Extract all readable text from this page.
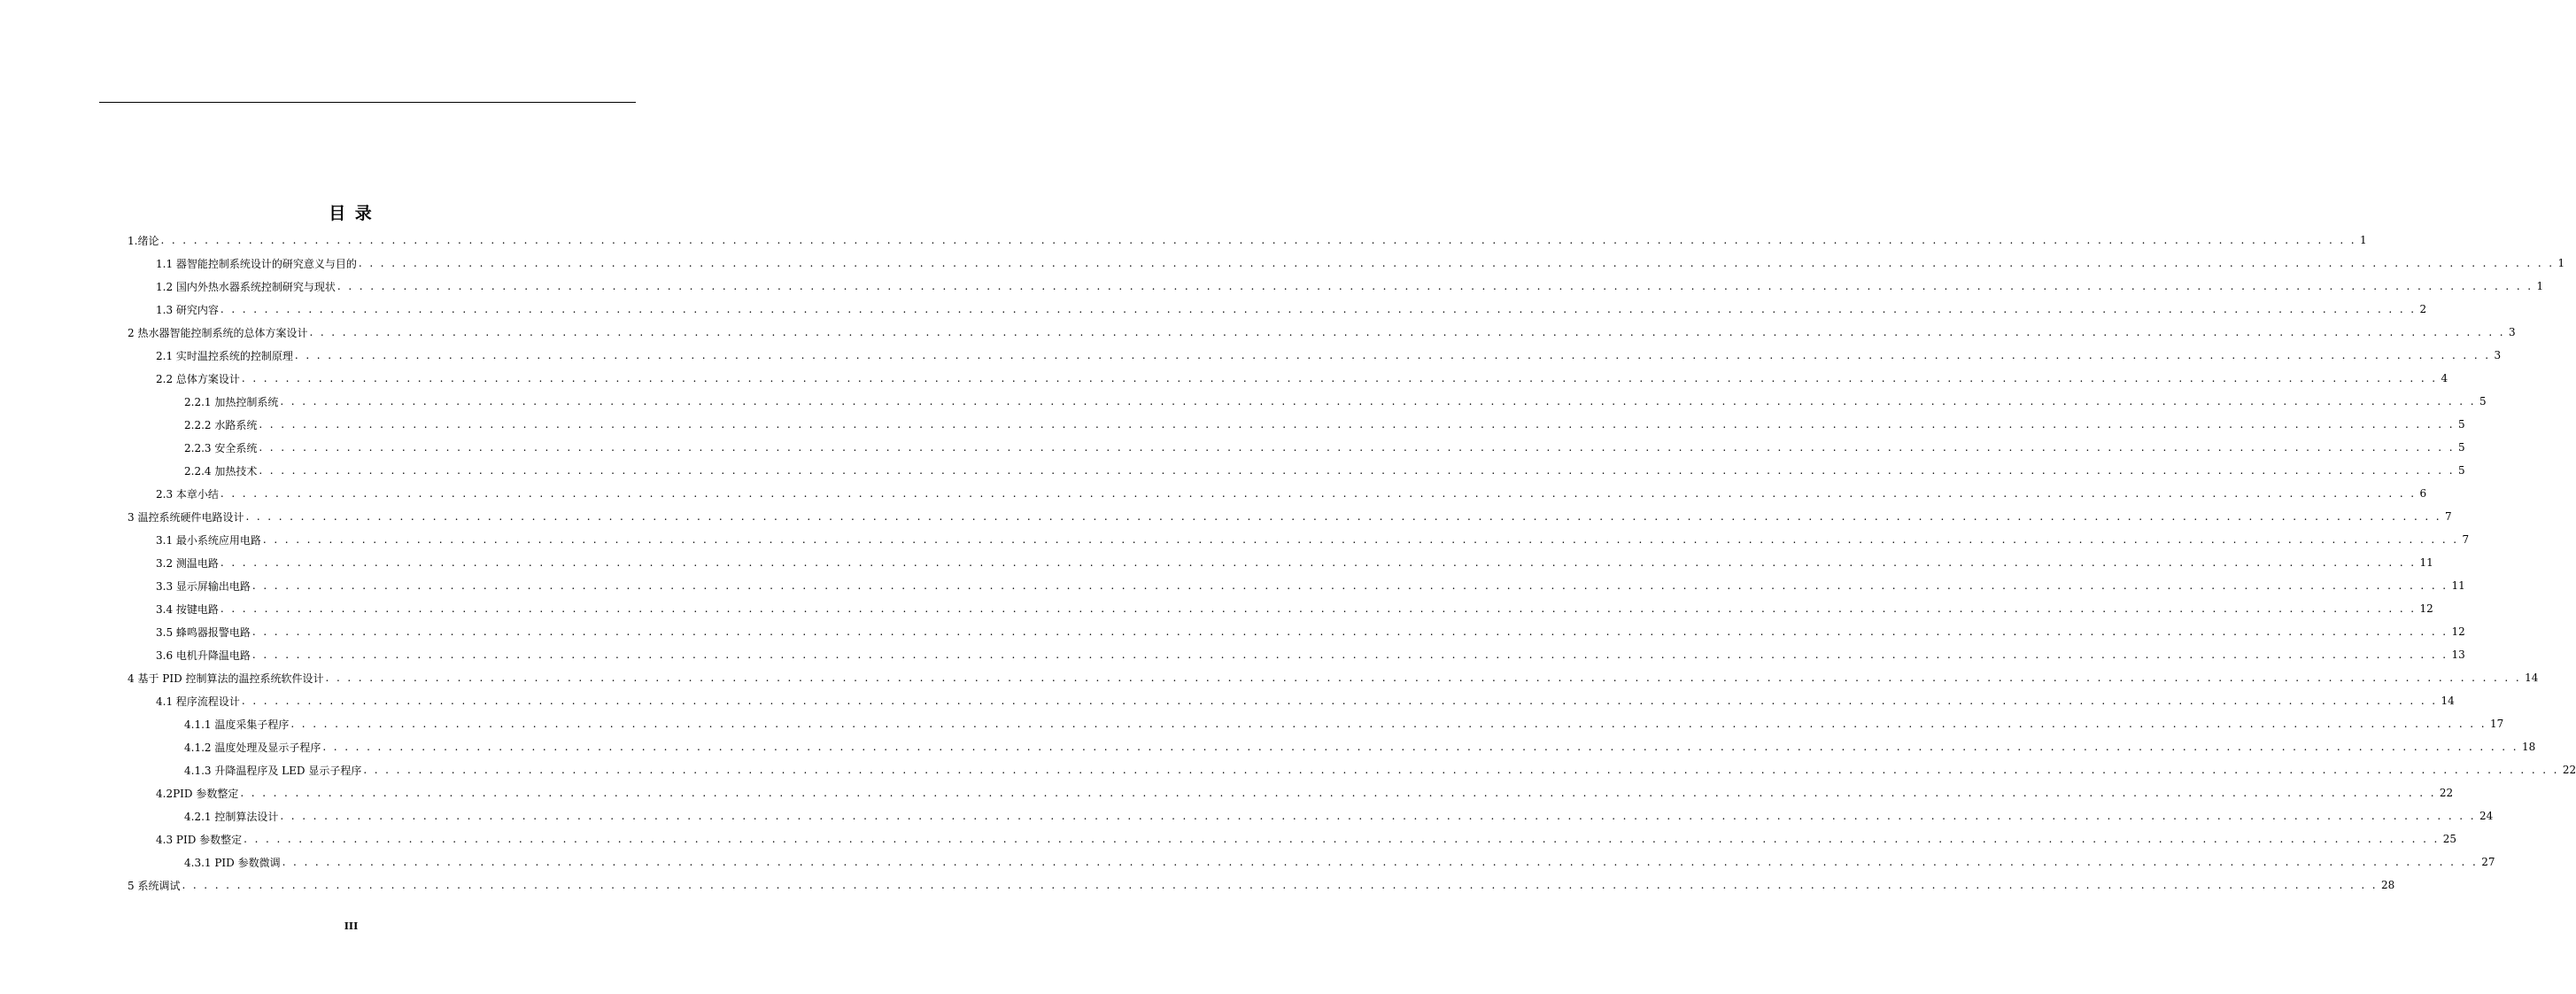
目 录
1.绪论 . . . . . . . . . . . . . . . . . . . . . . . . . . . . . . . . . . . . . . . . . . . . . . . . . . . . . . . . . . . . . . . . . . . . . . . . . . . . . . . . . . . . . . . . . . . . . . . . . . . . . . . . . . . . . . . . . . . . . . . . . . . . . . . . . . . . . . . . . . . . . . . . . . . . . . . . . . . . . . . . . . . . . . . . . . . . . . . . . . . . . . . . . . . . . . . . . . . . . . . . 1
1.1 器智能控制系统设计的研究意义与目的 . . . . . . . . . . . . . . . . . . . . . . . . . . . . . . . . . . . . . . . . . . . . . . . . . . . . . . . . . . . . . . . . . . . . . . . . . . . . . . . . . . . . . . . . . . . . . . . . . . . . . . . . . . . . . . . . . . . . . . . . . . . . . . . . . . . . . . . . . . . . . . . . . . . . . . . . . . . . . . . . . . . . . . . . . . . . . . . . . . . . . . . . . . . . . . . . . . . . . . . . 1
1.2 国内外热水器系统控制研究与现状 . . . . . . . . . . . . . . . . . . . . . . . . . . . . . . . . . . . . . . . . . . . . . . . . . . . . . . . . . . . . . . . . . . . . . . . . . . . . . . . . . . . . . . . . . . . . . . . . . . . . . . . . . . . . . . . . . . . . . . . . . . . . . . . . . . . . . . . . . . . . . . . . . . . . . . . . . . . . . . . . . . . . . . . . . . . . . . . . . . . . . . . . . . . . . . . . . . . . . . . . 1
1.3 研究内容 . . . . . . . . . . . . . . . . . . . . . . . . . . . . . . . . . . . . . . . . . . . . . . . . . . . . . . . . . . . . . . . . . . . . . . . . . . . . . . . . . . . . . . . . . . . . . . . . . . . . . . . . . . . . . . . . . . . . . . . . . . . . . . . . . . . . . . . . . . . . . . . . . . . . . . . . . . . . . . . . . . . . . . . . . . . . . . . . . . . . . . . . . . . . . . . . . . . . . . . . 2
2 热水器智能控制系统的总体方案设计 . . . . . . . . . . . . . . . . . . . . . . . . . . . . . . . . . . . . . . . . . . . . . . . . . . . . . . . . . . . . . . . . . . . . . . . . . . . . . . . . . . . . . . . . . . . . . . . . . . . . . . . . . . . . . . . . . . . . . . . . . . . . . . . . . . . . . . . . . . . . . . . . . . . . . . . . . . . . . . . . . . . . . . . . . . . . . . . . . . . . . . . . . . . . . . . . . . . . . . . . 3
2.1 实时温控系统的控制原理 . . . . . . . . . . . . . . . . . . . . . . . . . . . . . . . . . . . . . . . . . . . . . . . . . . . . . . . . . . . . . . . . . . . . . . . . . . . . . . . . . . . . . . . . . . . . . . . . . . . . . . . . . . . . . . . . . . . . . . . . . . . . . . . . . . . . . . . . . . . . . . . . . . . . . . . . . . . . . . . . . . . . . . . . . . . . . . . . . . . . . . . . . . . . . . . . . . . . . . . . 3
2.2 总体方案设计 . . . . . . . . . . . . . . . . . . . . . . . . . . . . . . . . . . . . . . . . . . . . . . . . . . . . . . . . . . . . . . . . . . . . . . . . . . . . . . . . . . . . . . . . . . . . . . . . . . . . . . . . . . . . . . . . . . . . . . . . . . . . . . . . . . . . . . . . . . . . . . . . . . . . . . . . . . . . . . . . . . . . . . . . . . . . . . . . . . . . . . . . . . . . . . . . . . . . . . . . 4
2.2.1 加热控制系统 . . . . . . . . . . . . . . . . . . . . . . . . . . . . . . . . . . . . . . . . . . . . . . . . . . . . . . . . . . . . . . . . . . . . . . . . . . . . . . . . . . . . . . . . . . . . . . . . . . . . . . . . . . . . . . . . . . . . . . . . . . . . . . . . . . . . . . . . . . . . . . . . . . . . . . . . . . . . . . . . . . . . . . . . . . . . . . . . . . . . . . . . . . . . . . . . . . . . . . . . 5
2.2.2 水路系统 . . . . . . . . . . . . . . . . . . . . . . . . . . . . . . . . . . . . . . . . . . . . . . . . . . . . . . . . . . . . . . . . . . . . . . . . . . . . . . . . . . . . . . . . . . . . . . . . . . . . . . . . . . . . . . . . . . . . . . . . . . . . . . . . . . . . . . . . . . . . . . . . . . . . . . . . . . . . . . . . . . . . . . . . . . . . . . . . . . . . . . . . . . . . . . . . . . . . . . . . 5
2.2.3 安全系统 . . . . . . . . . . . . . . . . . . . . . . . . . . . . . . . . . . . . . . . . . . . . . . . . . . . . . . . . . . . . . . . . . . . . . . . . . . . . . . . . . . . . . . . . . . . . . . . . . . . . . . . . . . . . . . . . . . . . . . . . . . . . . . . . . . . . . . . . . . . . . . . . . . . . . . . . . . . . . . . . . . . . . . . . . . . . . . . . . . . . . . . . . . . . . . . . . . . . . . . . 5
2.2.4 加热技术 . . . . . . . . . . . . . . . . . . . . . . . . . . . . . . . . . . . . . . . . . . . . . . . . . . . . . . . . . . . . . . . . . . . . . . . . . . . . . . . . . . . . . . . . . . . . . . . . . . . . . . . . . . . . . . . . . . . . . . . . . . . . . . . . . . . . . . . . . . . . . . . . . . . . . . . . . . . . . . . . . . . . . . . . . . . . . . . . . . . . . . . . . . . . . . . . . . . . . . . . 5
2.3 本章小结 . . . . . . . . . . . . . . . . . . . . . . . . . . . . . . . . . . . . . . . . . . . . . . . . . . . . . . . . . . . . . . . . . . . . . . . . . . . . . . . . . . . . . . . . . . . . . . . . . . . . . . . . . . . . . . . . . . . . . . . . . . . . . . . . . . . . . . . . . . . . . . . . . . . . . . . . . . . . . . . . . . . . . . . . . . . . . . . . . . . . . . . . . . . . . . . . . . . . . . . . 6
3 温控系统硬件电路设计 . . . . . . . . . . . . . . . . . . . . . . . . . . . . . . . . . . . . . . . . . . . . . . . . . . . . . . . . . . . . . . . . . . . . . . . . . . . . . . . . . . . . . . . . . . . . . . . . . . . . . . . . . . . . . . . . . . . . . . . . . . . . . . . . . . . . . . . . . . . . . . . . . . . . . . . . . . . . . . . . . . . . . . . . . . . . . . . . . . . . . . . . . . . . . . . . . . . . . . . . 7
3.1 最小系统应用电路 . . . . . . . . . . . . . . . . . . . . . . . . . . . . . . . . . . . . . . . . . . . . . . . . . . . . . . . . . . . . . . . . . . . . . . . . . . . . . . . . . . . . . . . . . . . . . . . . . . . . . . . . . . . . . . . . . . . . . . . . . . . . . . . . . . . . . . . . . . . . . . . . . . . . . . . . . . . . . . . . . . . . . . . . . . . . . . . . . . . . . . . . . . . . . . . . . . . . . . . . 7
3.2 测温电路 . . . . . . . . . . . . . . . . . . . . . . . . . . . . . . . . . . . . . . . . . . . . . . . . . . . . . . . . . . . . . . . . . . . . . . . . . . . . . . . . . . . . . . . . . . . . . . . . . . . . . . . . . . . . . . . . . . . . . . . . . . . . . . . . . . . . . . . . . . . . . . . . . . . . . . . . . . . . . . . . . . . . . . . . . . . . . . . . . . . . . . . . . . . . . . . . . . . . . . . . 11
3.3 显示屏输出电路 . . . . . . . . . . . . . . . . . . . . . . . . . . . . . . . . . . . . . . . . . . . . . . . . . . . . . . . . . . . . . . . . . . . . . . . . . . . . . . . . . . . . . . . . . . . . . . . . . . . . . . . . . . . . . . . . . . . . . . . . . . . . . . . . . . . . . . . . . . . . . . . . . . . . . . . . . . . . . . . . . . . . . . . . . . . . . . . . . . . . . . . . . . . . . . . . . . . . . . . . 11
3.4 按键电路 . . . . . . . . . . . . . . . . . . . . . . . . . . . . . . . . . . . . . . . . . . . . . . . . . . . . . . . . . . . . . . . . . . . . . . . . . . . . . . . . . . . . . . . . . . . . . . . . . . . . . . . . . . . . . . . . . . . . . . . . . . . . . . . . . . . . . . . . . . . . . . . . . . . . . . . . . . . . . . . . . . . . . . . . . . . . . . . . . . . . . . . . . . . . . . . . . . . . . . . . 12
3.5 蜂鸣器报警电路 . . . . . . . . . . . . . . . . . . . . . . . . . . . . . . . . . . . . . . . . . . . . . . . . . . . . . . . . . . . . . . . . . . . . . . . . . . . . . . . . . . . . . . . . . . . . . . . . . . . . . . . . . . . . . . . . . . . . . . . . . . . . . . . . . . . . . . . . . . . . . . . . . . . . . . . . . . . . . . . . . . . . . . . . . . . . . . . . . . . . . . . . . . . . . . . . . . . . . . . . 12
3.6 电机升降温电路 . . . . . . . . . . . . . . . . . . . . . . . . . . . . . . . . . . . . . . . . . . . . . . . . . . . . . . . . . . . . . . . . . . . . . . . . . . . . . . . . . . . . . . . . . . . . . . . . . . . . . . . . . . . . . . . . . . . . . . . . . . . . . . . . . . . . . . . . . . . . . . . . . . . . . . . . . . . . . . . . . . . . . . . . . . . . . . . . . . . . . . . . . . . . . . . . . . . . . . . . 13
4 基于 PID 控制算法的温控系统软件设计 . . . . . . . . . . . . . . . . . . . . . . . . . . . . . . . . . . . . . . . . . . . . . . . . . . . . . . . . . . . . . . . . . . . . . . . . . . . . . . . . . . . . . . . . . . . . . . . . . . . . . . . . . . . . . . . . . . . . . . . . . . . . . . . . . . . . . . . . . . . . . . . . . . . . . . . . . . . . . . . . . . . . . . . . . . . . . . . . . . . . . . . . . . . . . . . . . . . . . . . . 14
4.1 程序流程设计 . . . . . . . . . . . . . . . . . . . . . . . . . . . . . . . . . . . . . . . . . . . . . . . . . . . . . . . . . . . . . . . . . . . . . . . . . . . . . . . . . . . . . . . . . . . . . . . . . . . . . . . . . . . . . . . . . . . . . . . . . . . . . . . . . . . . . . . . . . . . . . . . . . . . . . . . . . . . . . . . . . . . . . . . . . . . . . . . . . . . . . . . . . . . . . . . . . . . . . . . 14
4.1.1 温度采集子程序 . . . . . . . . . . . . . . . . . . . . . . . . . . . . . . . . . . . . . . . . . . . . . . . . . . . . . . . . . . . . . . . . . . . . . . . . . . . . . . . . . . . . . . . . . . . . . . . . . . . . . . . . . . . . . . . . . . . . . . . . . . . . . . . . . . . . . . . . . . . . . . . . . . . . . . . . . . . . . . . . . . . . . . . . . . . . . . . . . . . . . . . . . . . . . . . . . . . . . . . . 17
4.1.2 温度处理及显示子程序 . . . . . . . . . . . . . . . . . . . . . . . . . . . . . . . . . . . . . . . . . . . . . . . . . . . . . . . . . . . . . . . . . . . . . . . . . . . . . . . . . . . . . . . . . . . . . . . . . . . . . . . . . . . . . . . . . . . . . . . . . . . . . . . . . . . . . . . . . . . . . . . . . . . . . . . . . . . . . . . . . . . . . . . . . . . . . . . . . . . . . . . . . . . . . . . . . . . . . . . . 18
4.1.3 升降温程序及 LED 显示子程序 . . . . . . . . . . . . . . . . . . . . . . . . . . . . . . . . . . . . . . . . . . . . . . . . . . . . . . . . . . . . . . . . . . . . . . . . . . . . . . . . . . . . . . . . . . . . . . . . . . . . . . . . . . . . . . . . . . . . . . . . . . . . . . . . . . . . . . . . . . . . . . . . . . . . . . . . . . . . . . . . . . . . . . . . . . . . . . . . . . . . . . . . . . . . . . . . . . . . . . . . 22
4.2PID 参数整定 . . . . . . . . . . . . . . . . . . . . . . . . . . . . . . . . . . . . . . . . . . . . . . . . . . . . . . . . . . . . . . . . . . . . . . . . . . . . . . . . . . . . . . . . . . . . . . . . . . . . . . . . . . . . . . . . . . . . . . . . . . . . . . . . . . . . . . . . . . . . . . . . . . . . . . . . . . . . . . . . . . . . . . . . . . . . . . . . . . . . . . . . . . . . . . . . . . . . . . . . 22
4.2.1 控制算法设计 . . . . . . . . . . . . . . . . . . . . . . . . . . . . . . . . . . . . . . . . . . . . . . . . . . . . . . . . . . . . . . . . . . . . . . . . . . . . . . . . . . . . . . . . . . . . . . . . . . . . . . . . . . . . . . . . . . . . . . . . . . . . . . . . . . . . . . . . . . . . . . . . . . . . . . . . . . . . . . . . . . . . . . . . . . . . . . . . . . . . . . . . . . . . . . . . . . . . . . . . 24
4.3 PID 参数整定 . . . . . . . . . . . . . . . . . . . . . . . . . . . . . . . . . . . . . . . . . . . . . . . . . . . . . . . . . . . . . . . . . . . . . . . . . . . . . . . . . . . . . . . . . . . . . . . . . . . . . . . . . . . . . . . . . . . . . . . . . . . . . . . . . . . . . . . . . . . . . . . . . . . . . . . . . . . . . . . . . . . . . . . . . . . . . . . . . . . . . . . . . . . . . . . . . . . . . . . . 25
4.3.1 PID 参数微调 . . . . . . . . . . . . . . . . . . . . . . . . . . . . . . . . . . . . . . . . . . . . . . . . . . . . . . . . . . . . . . . . . . . . . . . . . . . . . . . . . . . . . . . . . . . . . . . . . . . . . . . . . . . . . . . . . . . . . . . . . . . . . . . . . . . . . . . . . . . . . . . . . . . . . . . . . . . . . . . . . . . . . . . . . . . . . . . . . . . . . . . . . . . . . . . . . . . . . . . . 27
5 系统调试 . . . . . . . . . . . . . . . . . . . . . . . . . . . . . . . . . . . . . . . . . . . . . . . . . . . . . . . . . . . . . . . . . . . . . . . . . . . . . . . . . . . . . . . . . . . . . . . . . . . . . . . . . . . . . . . . . . . . . . . . . . . . . . . . . . . . . . . . . . . . . . . . . . . . . . . . . . . . . . . . . . . . . . . . . . . . . . . . . . . . . . . . . . . . . . . . . . . . . . . . 28
III
